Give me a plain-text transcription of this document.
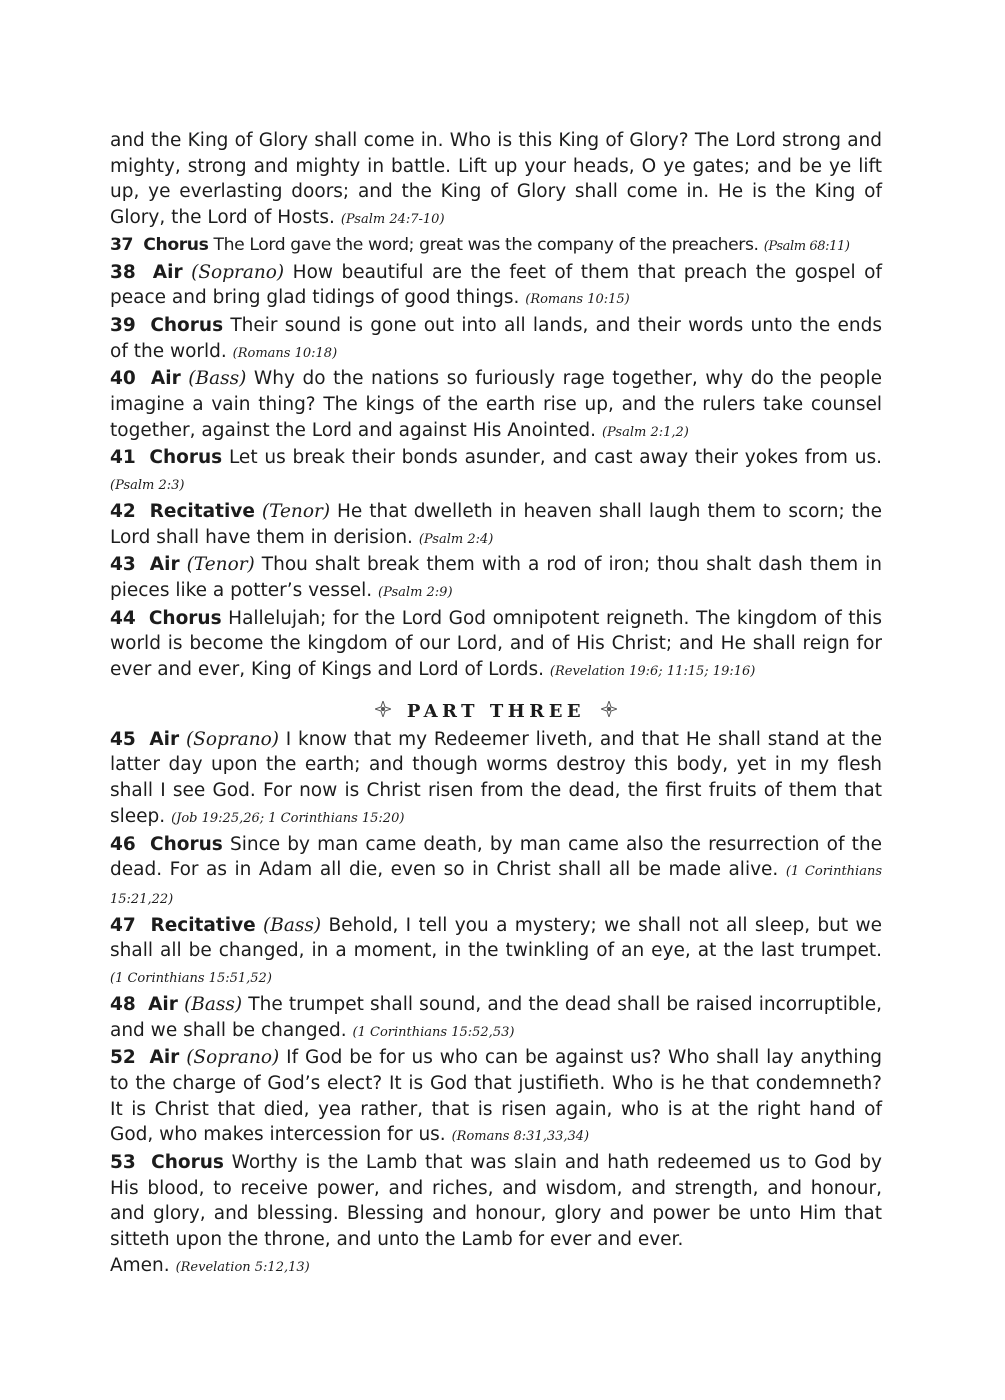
and the King of Glory shall come in. Who is this King of Glory? The Lord strong and mighty, strong and mighty in battle. Lift up your heads, O ye gates; and be ye lift up, ye everlasting doors; and the King of Glory shall come in. He is the King of Glory, the Lord of Hosts. (Psalm 24:7-10)

37 Chorus The Lord gave the word; great was the company of the preachers. (Psalm 68:11)

38 Air (Soprano) How beautiful are the feet of them that preach the gospel of peace and bring glad tidings of good things. (Romans 10:15)

39 Chorus Their sound is gone out into all lands, and their words unto the ends of the world. (Romans 10:18)

40 Air (Bass) Why do the nations so furiously rage together, why do the people imagine a vain thing? The kings of the earth rise up, and the rulers take counsel together, against the Lord and against His Anointed. (Psalm 2:1,2)

41 Chorus Let us break their bonds asunder, and cast away their yokes from us. (Psalm 2:3)

42 Recitative (Tenor) He that dwelleth in heaven shall laugh them to scorn; the Lord shall have them in derision. (Psalm 2:4)

43 Air (Tenor) Thou shalt break them with a rod of iron; thou shalt dash them in pieces like a potter’s vessel. (Psalm 2:9)

44 Chorus Hallelujah; for the Lord God omnipotent reigneth. The kingdom of this world is become the kingdom of our Lord, and of His Christ; and He shall reign for ever and ever, King of Kings and Lord of Lords. (Revelation 19:6; 11:15; 19:16)

PART THREE

45 Air (Soprano) I know that my Redeemer liveth, and that He shall stand at the latter day upon the earth; and though worms destroy this body, yet in my flesh shall I see God. For now is Christ risen from the dead, the first fruits of them that sleep. (Job 19:25,26; 1 Corinthians 15:20)

46 Chorus Since by man came death, by man came also the resurrection of the dead. For as in Adam all die, even so in Christ shall all be made alive. (1 Corinthians 15:21,22)

47 Recitative (Bass) Behold, I tell you a mystery; we shall not all sleep, but we shall all be changed, in a moment, in the twinkling of an eye, at the last trumpet. (1 Corinthians 15:51,52)

48 Air (Bass) The trumpet shall sound, and the dead shall be raised incorruptible, and we shall be changed. (1 Corinthians 15:52,53)

52 Air (Soprano) If God be for us who can be against us? Who shall lay anything to the charge of God’s elect? It is God that justifieth. Who is he that condemneth? It is Christ that died, yea rather, that is risen again, who is at the right hand of God, who makes intercession for us. (Romans 8:31,33,34)

53 Chorus Worthy is the Lamb that was slain and hath redeemed us to God by His blood, to receive power, and riches, and wisdom, and strength, and honour, and glory, and blessing. Blessing and honour, glory and power be unto Him that sitteth upon the throne, and unto the Lamb for ever and ever.

Amen. (Revelation 5:12,13)
